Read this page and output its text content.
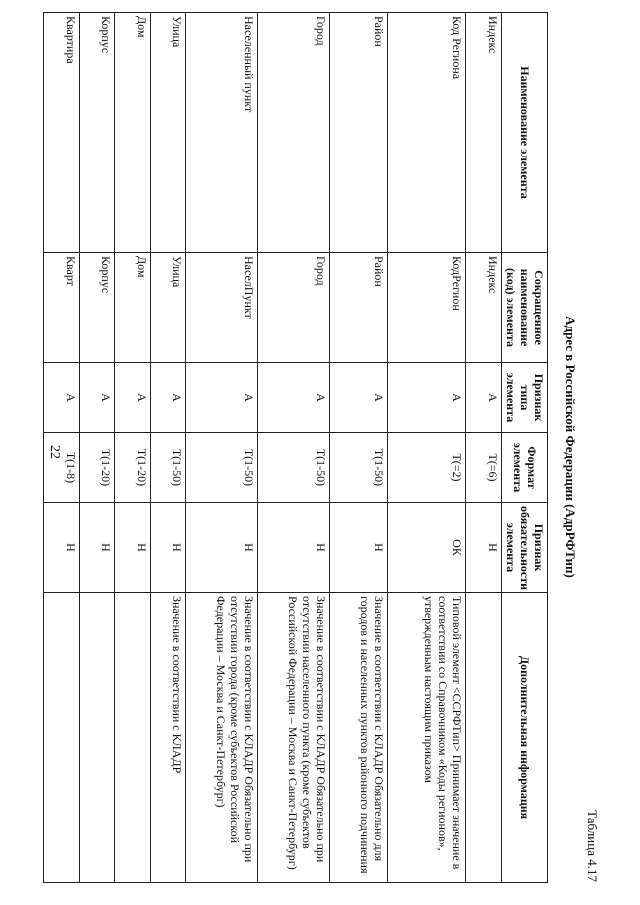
22
Таблица 4.17
Адрес в Российской Федерации (АдрРФТип)
Наименование элемента	Сокращенное наименование (код) элемента	Признак типа элемента	Формат элемента	Признак обязательности элемента	Дополнительная информация
Индекс	Индекс	А	T(=6)	Н	
Код Региона	КодРегион	А	T(=2)	ОК	Типовой элемент <ССРФТип> Принимает значение в соответствии со Справочником «Коды регионов», утвержденным настоящим приказом
Район	Район	А	T(1-50)	Н	Значение в соответствии с КЛАДР Обязательно для городов и населенных пунктов районного подчинения
Город	Город	А	T(1-50)	Н	Значение в соответствии с КЛАДР Обязательно при отсутствии населенного пункта (кроме субъектов Российской Федерации – Москва и Санкт-Петербург)
Населенный пункт	НаселПункт	А	T(1-50)	Н	Значение в соответствии с КЛАДР Обязательно при отсутствии города (кроме субъектов Российской Федерации – Москва и Санкт-Петербург)
Улица	Улица	А	T(1-50)	Н	Значение в соответствии с КЛАДР
Дом	Дом	А	T(1-20)	Н	
Корпус	Корпус	А	T(1-20)	Н	
Квартира	Кварт	А	T(1-8)	Н	
